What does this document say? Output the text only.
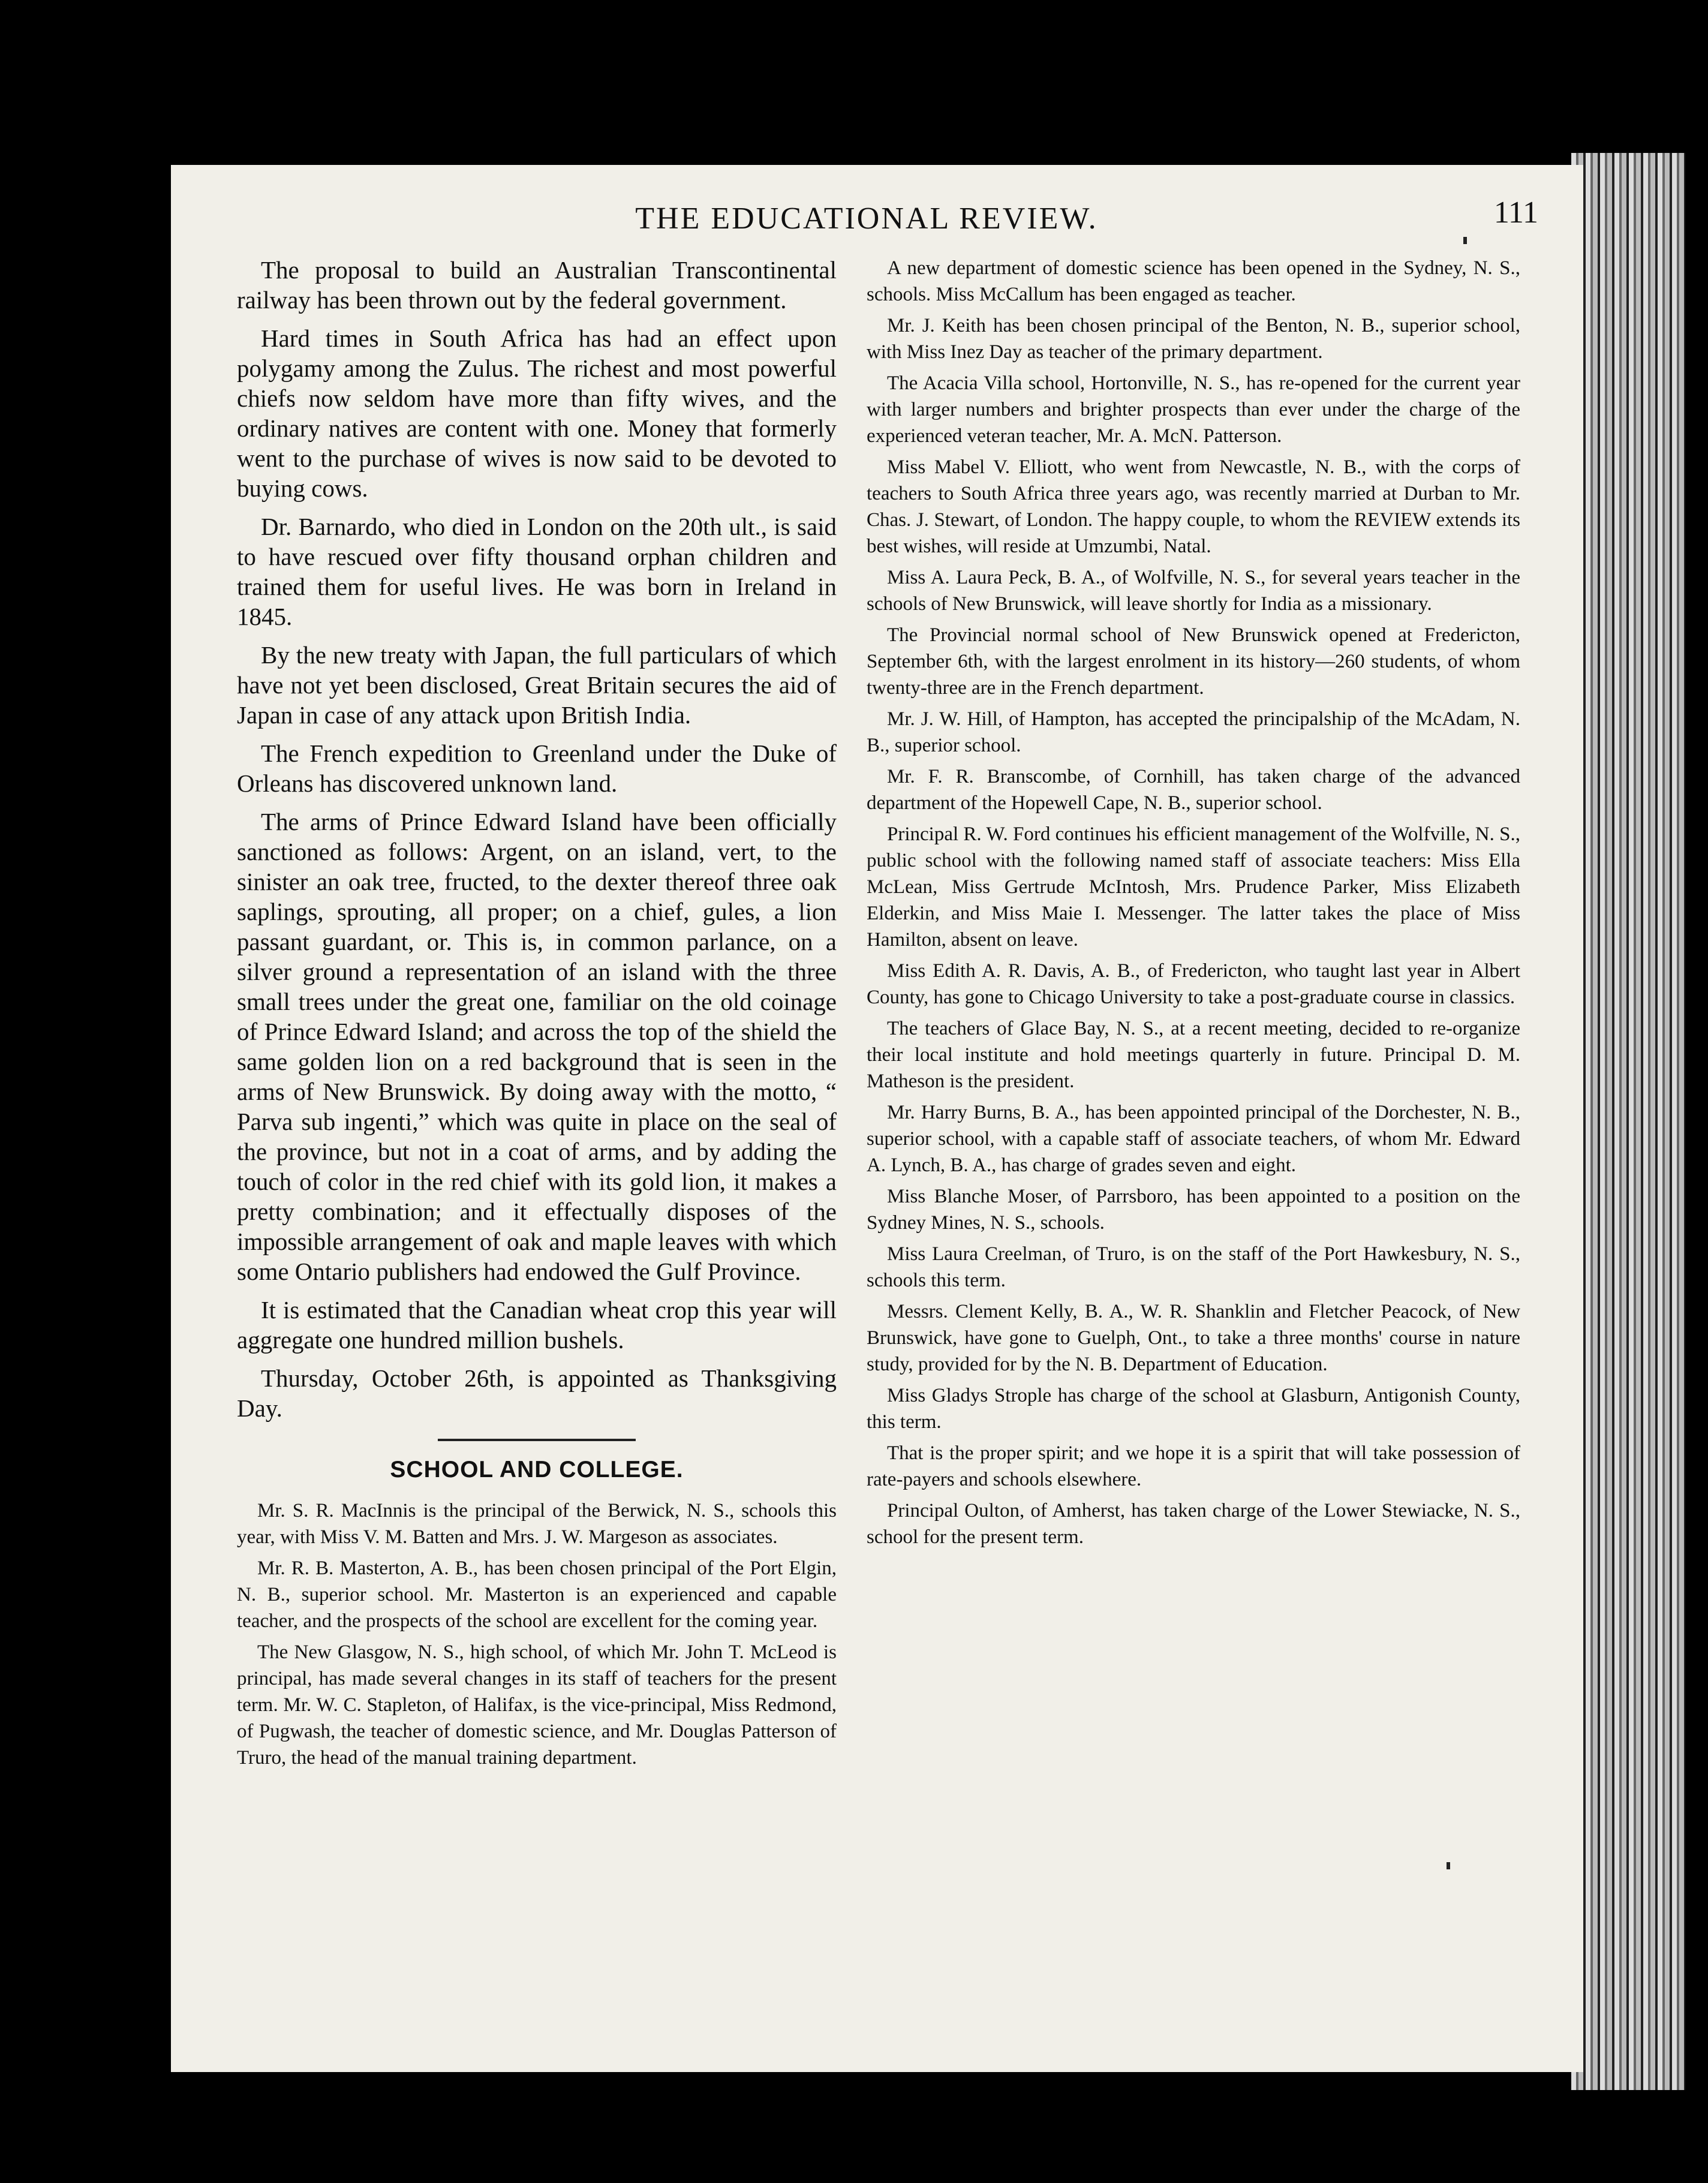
THE EDUCATIONAL REVIEW.	111

The proposal to build an Australian Transcontinental railway has been thrown out by the federal government.

Hard times in South Africa has had an effect upon polygamy among the Zulus. The richest and most powerful chiefs now seldom have more than fifty wives, and the ordinary natives are content with one. Money that formerly went to the purchase of wives is now said to be devoted to buying cows.

Dr. Barnardo, who died in London on the 20th ult., is said to have rescued over fifty thousand orphan children and trained them for useful lives. He was born in Ireland in 1845.

By the new treaty with Japan, the full particulars of which have not yet been disclosed, Great Britain secures the aid of Japan in case of any attack upon British India.

The French expedition to Greenland under the Duke of Orleans has discovered unknown land.

The arms of Prince Edward Island have been officially sanctioned as follows: Argent, on an island, vert, to the sinister an oak tree, fructed, to the dexter thereof three oak saplings, sprouting, all proper; on a chief, gules, a lion passant guardant, or. This is, in common parlance, on a silver ground a representation of an island with the three small trees under the great one, familiar on the old coinage of Prince Edward Island; and across the top of the shield the same golden lion on a red background that is seen in the arms of New Brunswick. By doing away with the motto, “ Parva sub ingenti,” which was quite in place on the seal of the province, but not in a coat of arms, and by adding the touch of color in the red chief with its gold lion, it makes a pretty combination; and it effectually disposes of the impossible arrangement of oak and maple leaves with which some Ontario publishers had endowed the Gulf Province.

It is estimated that the Canadian wheat crop this year will aggregate one hundred million bushels.

Thursday, October 26th, is appointed as Thanksgiving Day.

SCHOOL AND COLLEGE.

Mr. S. R. MacInnis is the principal of the Berwick, N. S., schools this year, with Miss V. M. Batten and Mrs. J. W. Margeson as associates.

Mr. R. B. Masterton, A. B., has been chosen principal of the Port Elgin, N. B., superior school. Mr. Masterton is an experienced and capable teacher, and the prospects of the school are excellent for the coming year.

The New Glasgow, N. S., high school, of which Mr. John T. McLeod is principal, has made several changes in its staff of teachers for the present term. Mr. W. C. Stapleton, of Halifax, is the vice-principal, Miss Redmond, of Pugwash, the teacher of domestic science, and Mr. Douglas Patterson of Truro, the head of the manual training department.

A new department of domestic science has been opened in the Sydney, N. S., schools. Miss McCallum has been engaged as teacher.

Mr. J. Keith has been chosen principal of the Benton, N. B., superior school, with Miss Inez Day as teacher of the primary department.

The Acacia Villa school, Hortonville, N. S., has re-opened for the current year with larger numbers and brighter prospects than ever under the charge of the experienced veteran teacher, Mr. A. McN. Patterson.

Miss Mabel V. Elliott, who went from Newcastle, N. B., with the corps of teachers to South Africa three years ago, was recently married at Durban to Mr. Chas. J. Stewart, of London. The happy couple, to whom the REVIEW extends its best wishes, will reside at Umzumbi, Natal.

Miss A. Laura Peck, B. A., of Wolfville, N. S., for several years teacher in the schools of New Brunswick, will leave shortly for India as a missionary.

The Provincial normal school of New Brunswick opened at Fredericton, September 6th, with the largest enrolment in its history—260 students, of whom twenty-three are in the French department.

Mr. J. W. Hill, of Hampton, has accepted the principalship of the McAdam, N. B., superior school.

Mr. F. R. Branscombe, of Cornhill, has taken charge of the advanced department of the Hopewell Cape, N. B., superior school.

Principal R. W. Ford continues his efficient management of the Wolfville, N. S., public school with the following named staff of associate teachers: Miss Ella McLean, Miss Gertrude McIntosh, Mrs. Prudence Parker, Miss Elizabeth Elderkin, and Miss Maie I. Messenger. The latter takes the place of Miss Hamilton, absent on leave.

Miss Edith A. R. Davis, A. B., of Fredericton, who taught last year in Albert County, has gone to Chicago University to take a post-graduate course in classics.

The teachers of Glace Bay, N. S., at a recent meeting, decided to re-organize their local institute and hold meetings quarterly in future. Principal D. M. Matheson is the president.

Mr. Harry Burns, B. A., has been appointed principal of the Dorchester, N. B., superior school, with a capable staff of associate teachers, of whom Mr. Edward A. Lynch, B. A., has charge of grades seven and eight.

Miss Blanche Moser, of Parrsboro, has been appointed to a position on the Sydney Mines, N. S., schools.

Miss Laura Creelman, of Truro, is on the staff of the Port Hawkesbury, N. S., schools this term.

Messrs. Clement Kelly, B. A., W. R. Shanklin and Fletcher Peacock, of New Brunswick, have gone to Guelph, Ont., to take a three months' course in nature study, provided for by the N. B. Department of Education.

Miss Gladys Strople has charge of the school at Glasburn, Antigonish County, this term.

That is the proper spirit; and we hope it is a spirit that will take possession of rate-payers and schools elsewhere.

Principal Oulton, of Amherst, has taken charge of the Lower Stewiacke, N. S., school for the present term.
